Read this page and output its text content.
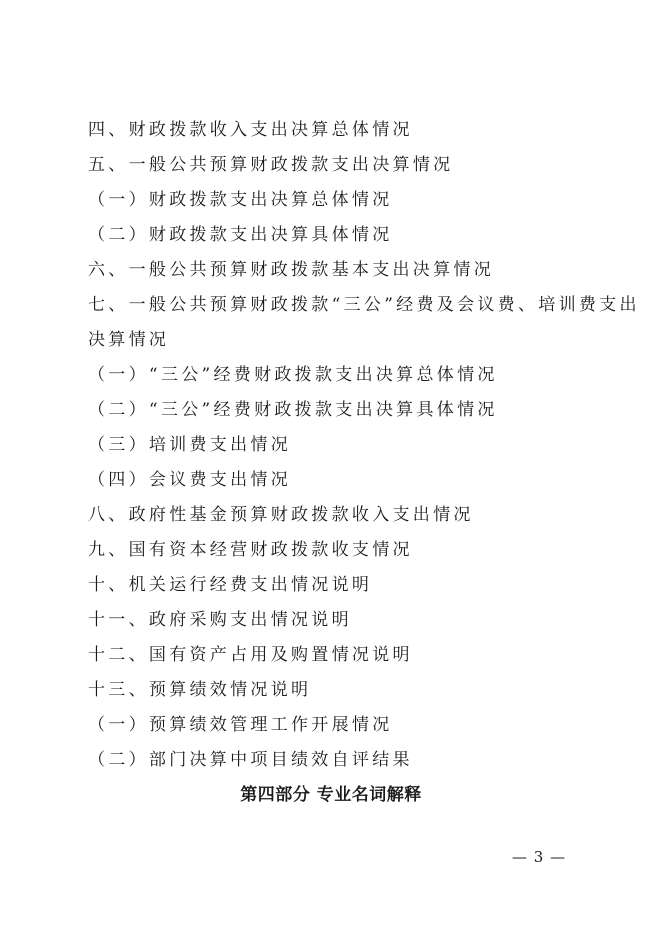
四、财政拨款收入支出决算总体情况
五、一般公共预算财政拨款支出决算情况
（一）财政拨款支出决算总体情况
（二）财政拨款支出决算具体情况
六、一般公共预算财政拨款基本支出决算情况
七、一般公共预算财政拨款“三公”经费及会议费、培训费支出
决算情况
（一）“三公”经费财政拨款支出决算总体情况
（二）“三公”经费财政拨款支出决算具体情况
（三）培训费支出情况
（四）会议费支出情况
八、政府性基金预算财政拨款收入支出情况
九、国有资本经营财政拨款收支情况
十、机关运行经费支出情况说明
十一、政府采购支出情况说明
十二、国有资产占用及购置情况说明
十三、预算绩效情况说明
（一）预算绩效管理工作开展情况
（二）部门决算中项目绩效自评结果
第四部分 专业名词解释
— 3 —
